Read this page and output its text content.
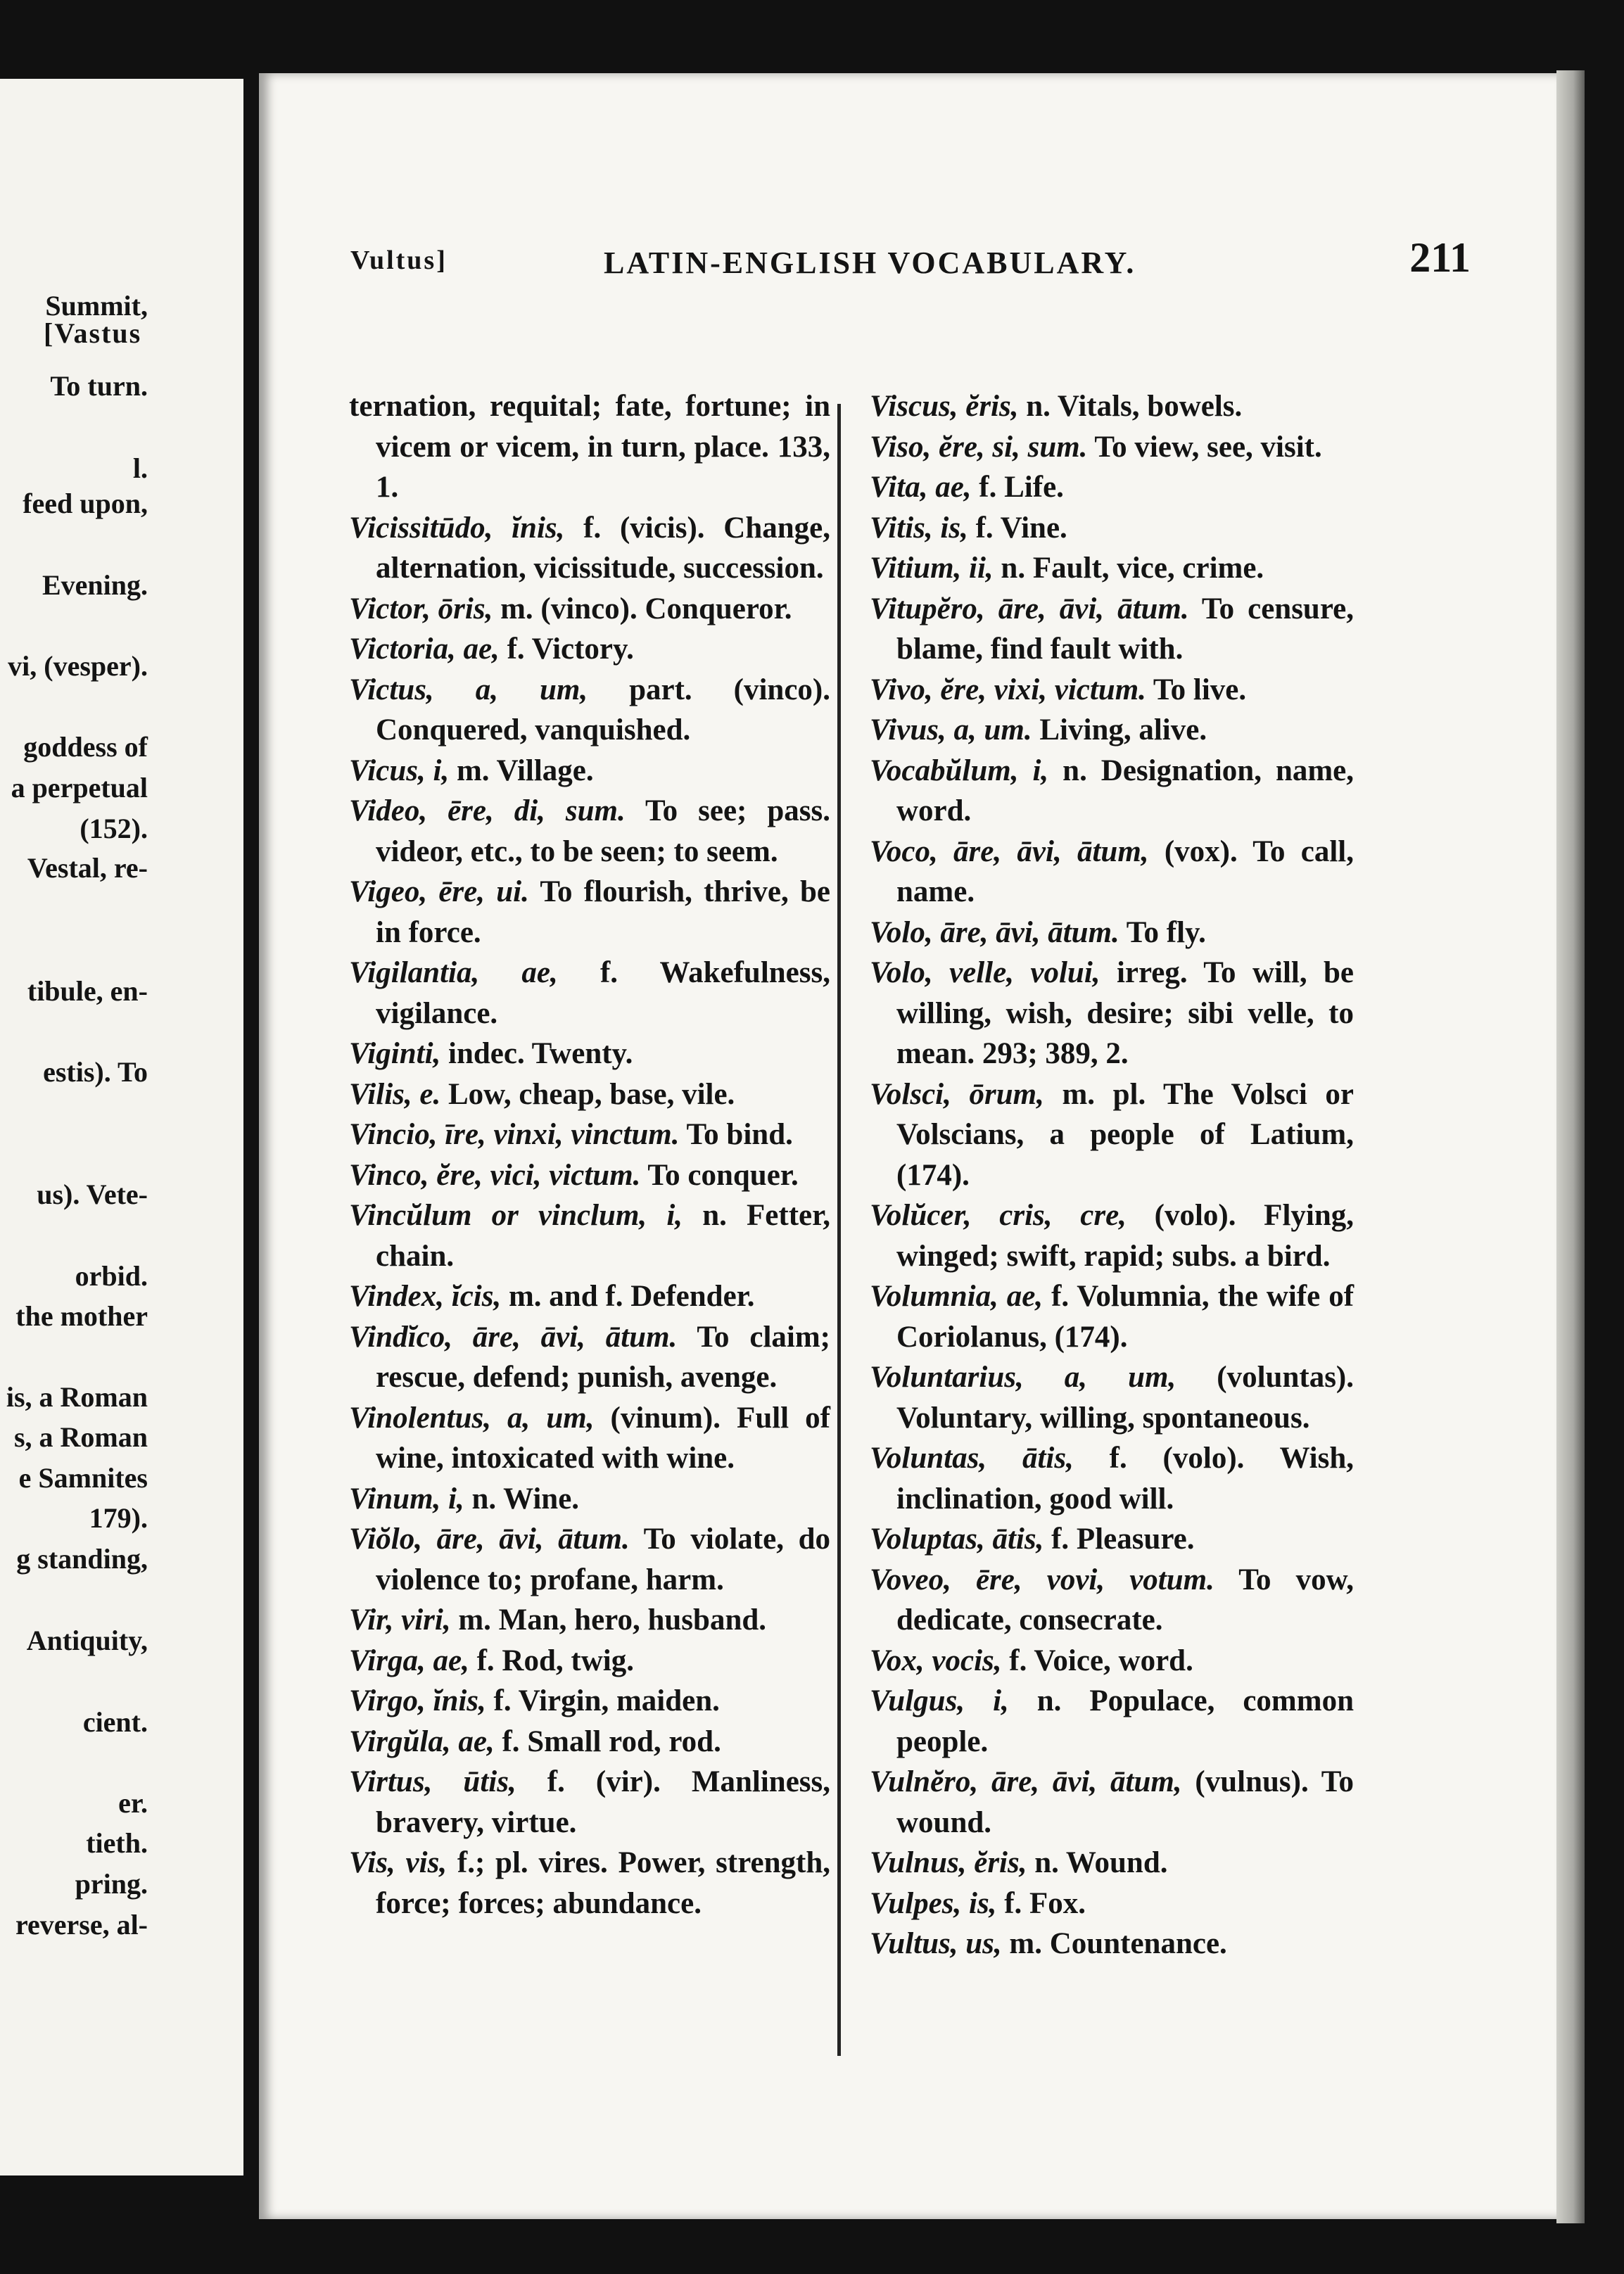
[Vastus
Summit,
To turn.
l.
feed upon,
Evening.
vi, (vesper).
goddess of
a perpetual
(152).
Vestal, re-
tibule, en-
estis). To
us). Vete-
orbid.
the mother
is, a Roman
s, a Roman
e Samnites
179).
g standing,
Antiquity,
cient.
er.
tieth.
pring.
reverse, al-
Vultus]	LATIN-ENGLISH VOCABULARY.	211
ternation, requital; fate, fortune; in vicem or vicem, in turn, place. 133, 1.
Vicissitūdo, ĭnis, f. (vicis). Change, alternation, vicissitude, succession.
Victor, ōris, m. (vinco). Conqueror.
Victoria, ae, f. Victory.
Victus, a, um, part. (vinco). Conquered, vanquished.
Vicus, i, m. Village.
Video, ēre, di, sum. To see; pass. videor, etc., to be seen; to seem.
Vigeo, ēre, ui. To flourish, thrive, be in force.
Vigilantia, ae, f. Wakefulness, vigilance.
Viginti, indec. Twenty.
Vilis, e. Low, cheap, base, vile.
Vincio, īre, vinxi, vinctum. To bind.
Vinco, ĕre, vici, victum. To conquer.
Vincŭlum or vinclum, i, n. Fetter, chain.
Vindex, ĭcis, m. and f. Defender.
Vindĭco, āre, āvi, ātum. To claim; rescue, defend; punish, avenge.
Vinolentus, a, um, (vinum). Full of wine, intoxicated with wine.
Vinum, i, n. Wine.
Viŏlo, āre, āvi, ātum. To violate, do violence to; profane, harm.
Vir, viri, m. Man, hero, husband.
Virga, ae, f. Rod, twig.
Virgo, ĭnis, f. Virgin, maiden.
Virgŭla, ae, f. Small rod, rod.
Virtus, ūtis, f. (vir). Manliness, bravery, virtue.
Vis, vis, f.; pl. vires. Power, strength, force; forces; abundance.
Viscus, ĕris, n. Vitals, bowels.
Viso, ĕre, si, sum. To view, see, visit.
Vita, ae, f. Life.
Vitis, is, f. Vine.
Vitium, ii, n. Fault, vice, crime.
Vitupĕro, āre, āvi, ātum. To censure, blame, find fault with.
Vivo, ĕre, vixi, victum. To live.
Vivus, a, um. Living, alive.
Vocabŭlum, i, n. Designation, name, word.
Voco, āre, āvi, ātum, (vox). To call, name.
Volo, āre, āvi, ātum. To fly.
Volo, velle, volui, irreg. To will, be willing, wish, desire; sibi velle, to mean. 293; 389, 2.
Volsci, ōrum, m. pl. The Volsci or Volscians, a people of Latium, (174).
Volŭcer, cris, cre, (volo). Flying, winged; swift, rapid; subs. a bird.
Volumnia, ae, f. Volumnia, the wife of Coriolanus, (174).
Voluntarius, a, um, (voluntas). Voluntary, willing, spontaneous.
Voluntas, ātis, f. (volo). Wish, inclination, good will.
Voluptas, ātis, f. Pleasure.
Voveo, ēre, vovi, votum. To vow, dedicate, consecrate.
Vox, vocis, f. Voice, word.
Vulgus, i, n. Populace, common people.
Vulnĕro, āre, āvi, ātum, (vulnus). To wound.
Vulnus, ĕris, n. Wound.
Vulpes, is, f. Fox.
Vultus, us, m. Countenance.
